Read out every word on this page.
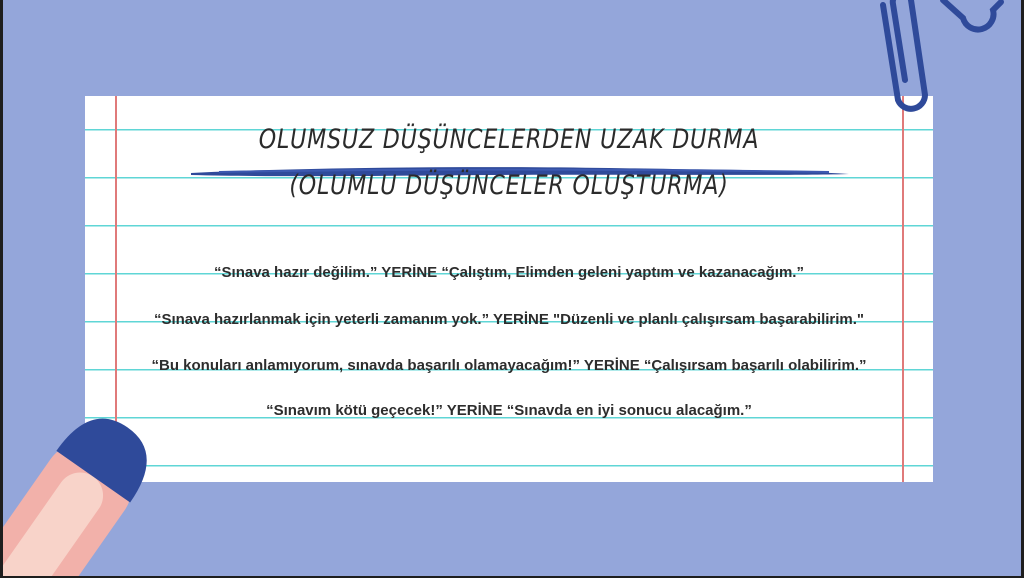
OLUMSUZ DÜŞÜNCELERDEN UZAK DURMA
(OLUMLU DÜŞÜNCELER OLUŞTURMA)
“Sınava hazır değilim.” YERİNE “Çalıştım, Elimden geleni yaptım ve kazanacağım.”
“Sınava hazırlanmak için yeterli zamanım yok.” YERİNE "Düzenli ve planlı çalışırsam başarabilirim."
“Bu konuları anlamıyorum, sınavda başarılı olamayacağım!” YERİNE “Çalışırsam başarılı olabilirim.”
“Sınavım kötü geçecek!” YERİNE “Sınavda en iyi sonucu alacağım.”
